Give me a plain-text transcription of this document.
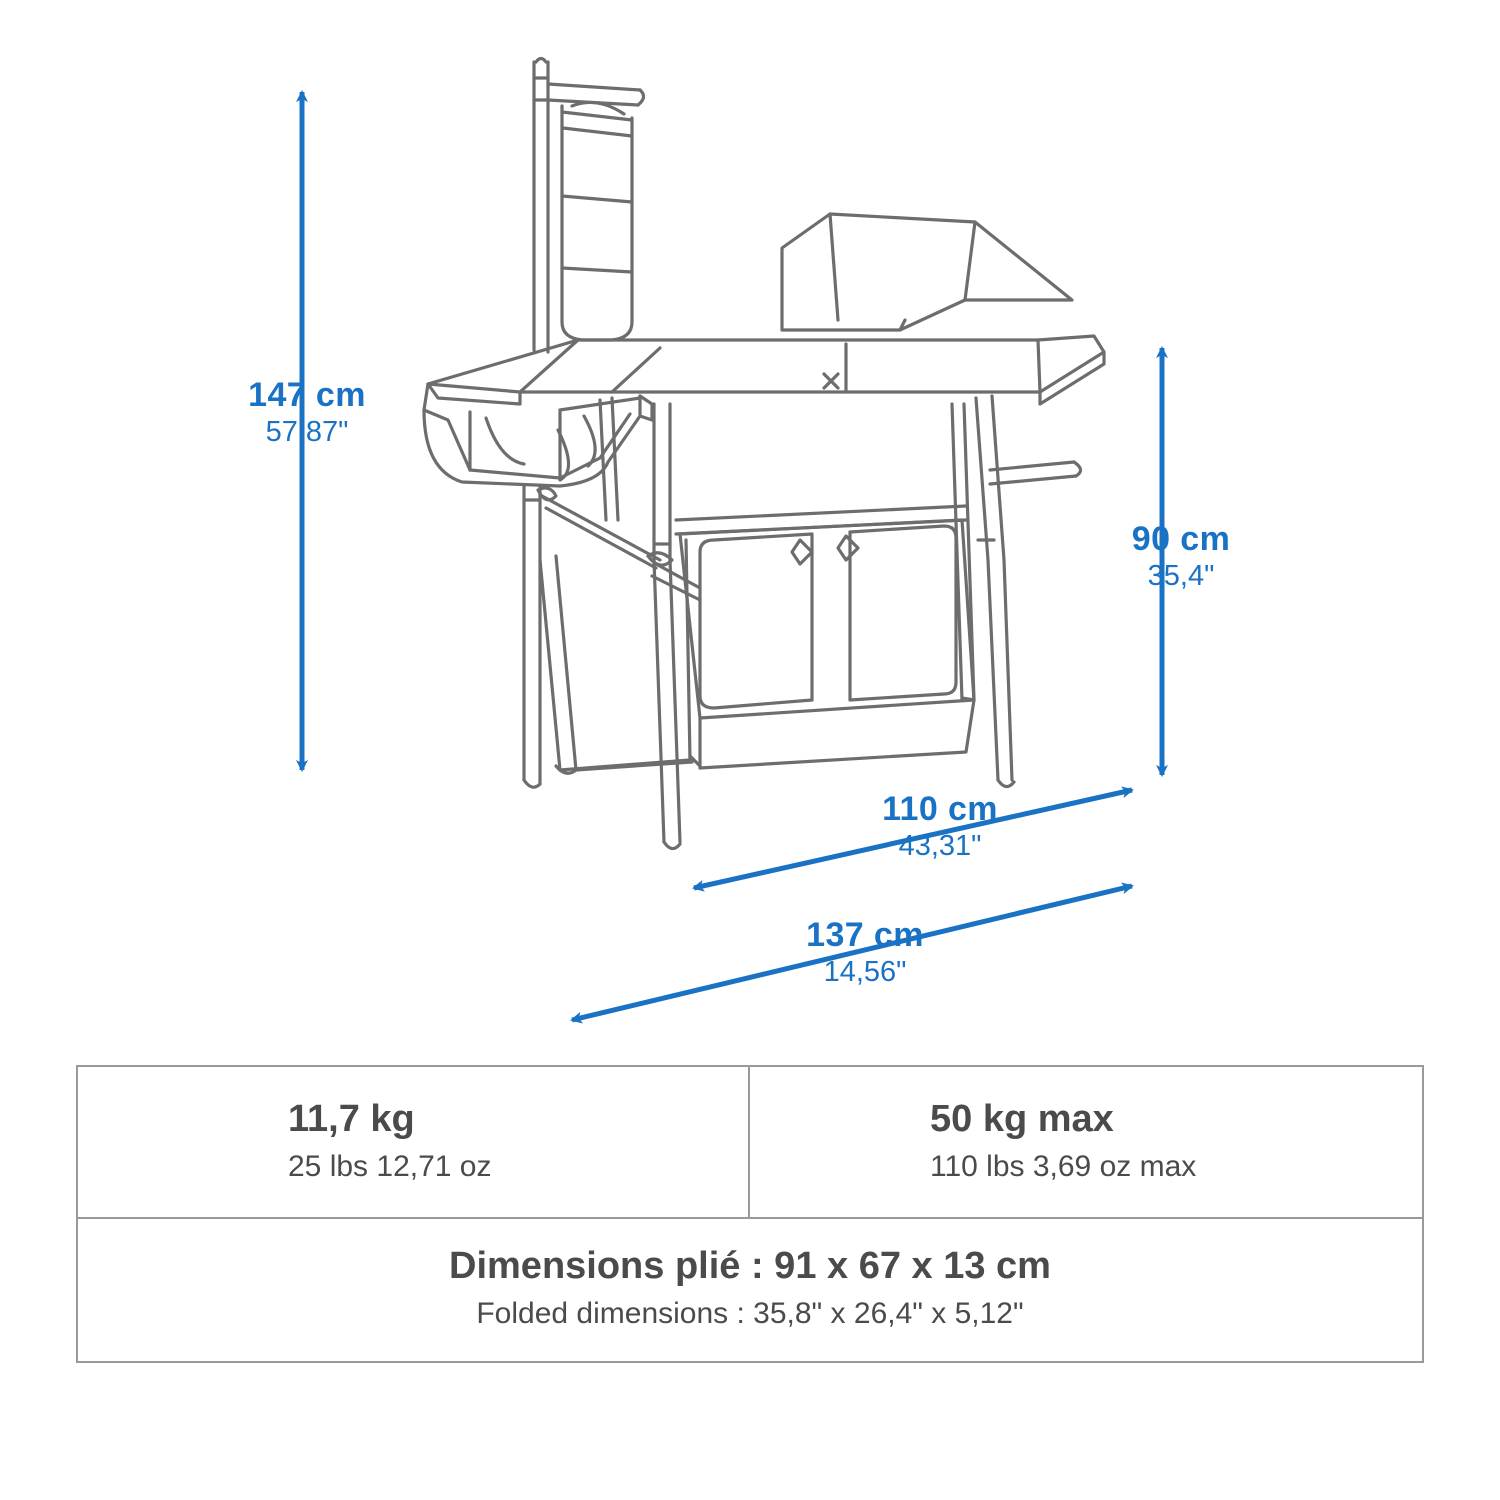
147 cm
57,87"
90 cm
35,4"
110 cm
43,31"
137 cm
14,56"
11,7 kg
25 lbs 12,71 oz
50 kg max
110 lbs 3,69 oz max
Dimensions plié : 91 x 67 x 13 cm
Folded dimensions : 35,8" x 26,4" x 5,12"
